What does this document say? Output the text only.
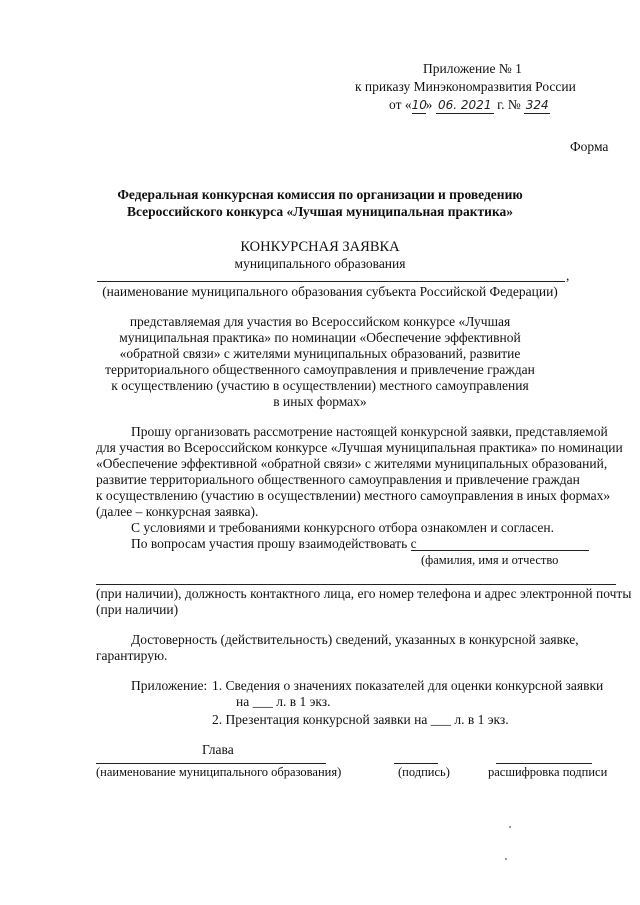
Приложение № 1
к приказу Минэкономразвития России
от «10» 06. 2021 г. № 324
Форма
Федеральная конкурсная комиссия по организации и проведению
Всероссийского конкурса «Лучшая муниципальная практика»
КОНКУРСНАЯ ЗАЯВКА
муниципального образования
,
(наименование муниципального образования субъекта Российской Федерации)
представляемая для участия во Всероссийском конкурсе «Лучшая
муниципальная практика» по номинации «Обеспечение эффективной
«обратной связи» с жителями муниципальных образований, развитие
территориального общественного самоуправления и привлечение граждан
к осуществлению (участию в осуществлении) местного самоуправления
в иных формах»
Прошу организовать рассмотрение настоящей конкурсной заявки, представляемой
для участия во Всероссийском конкурсе «Лучшая муниципальная практика» по номинации
«Обеспечение эффективной «обратной связи» с жителями муниципальных образований,
развитие территориального общественного самоуправления и привлечение граждан
к осуществлению (участию в осуществлении) местного самоуправления в иных формах»
(далее – конкурсная заявка).
С условиями и требованиями конкурсного отбора ознакомлен и согласен.
По вопросам участия прошу взаимодействовать с
(фамилия, имя и отчество
(при наличии), должность контактного лица, его номер телефона и адрес электронной почты
(при наличии)
Достоверность (действительность) сведений, указанных в конкурсной заявке,
гарантирую.
Приложение: 1. Сведения о значениях показателей для оценки конкурсной заявки
на ___ л. в 1 экз.
2. Презентация конкурсной заявки на ___ л. в 1 экз.
Глава
(наименование муниципального образования)	(подпись)	расшифровка подписи
